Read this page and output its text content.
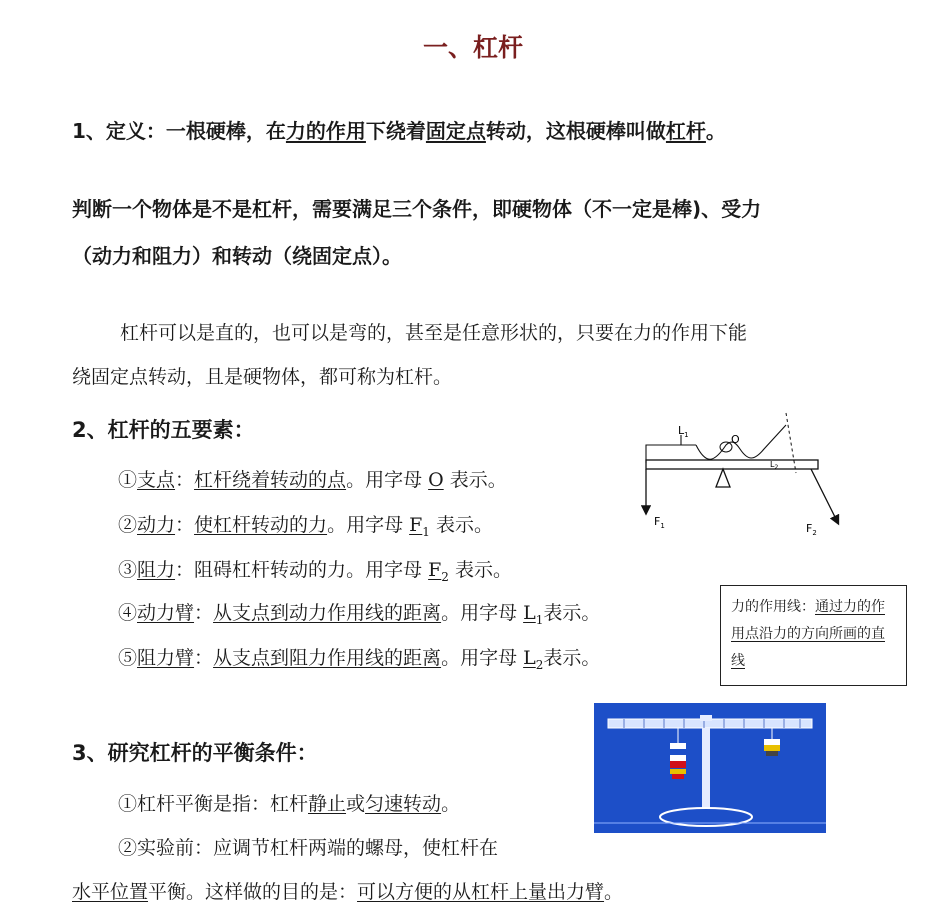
一、杠杆
1、定义：一根硬棒，在力的作用下绕着固定点转动，这根硬棒叫做杠杆。
判断一个物体是不是杠杆，需要满足三个条件，即硬物体（不一定是棒)、受力
（动力和阻力）和转动（绕固定点）。
杠杆可以是直的，也可以是弯的，甚至是任意形状的，只要在力的作用下能
绕固定点转动，且是硬物体，都可称为杠杆。
2、杠杆的五要素：
①支点：杠杆绕着转动的点。用字母 O 表示。
②动力：使杠杆转动的力。用字母 $F_1$ 表示。
③阻力：阻碍杠杆转动的力。用字母 $F_2$ 表示。
④动力臂：从支点到动力作用线的距离。用字母 $L_1$表示。
⑤阻力臂：从支点到阻力作用线的距离。用字母 $L_2$表示。
$L_1$	O
$L_2$
$F_1$	$F_2$
力的作用线：通过力的作用点沿力的方向所画的直线
3、研究杠杆的平衡条件：
①杠杆平衡是指：杠杆静止或匀速转动。
②实验前：应调节杠杆两端的螺母，使杠杆在
水平位置平衡。这样做的目的是：可以方便的从杠杆上量出力臂。
